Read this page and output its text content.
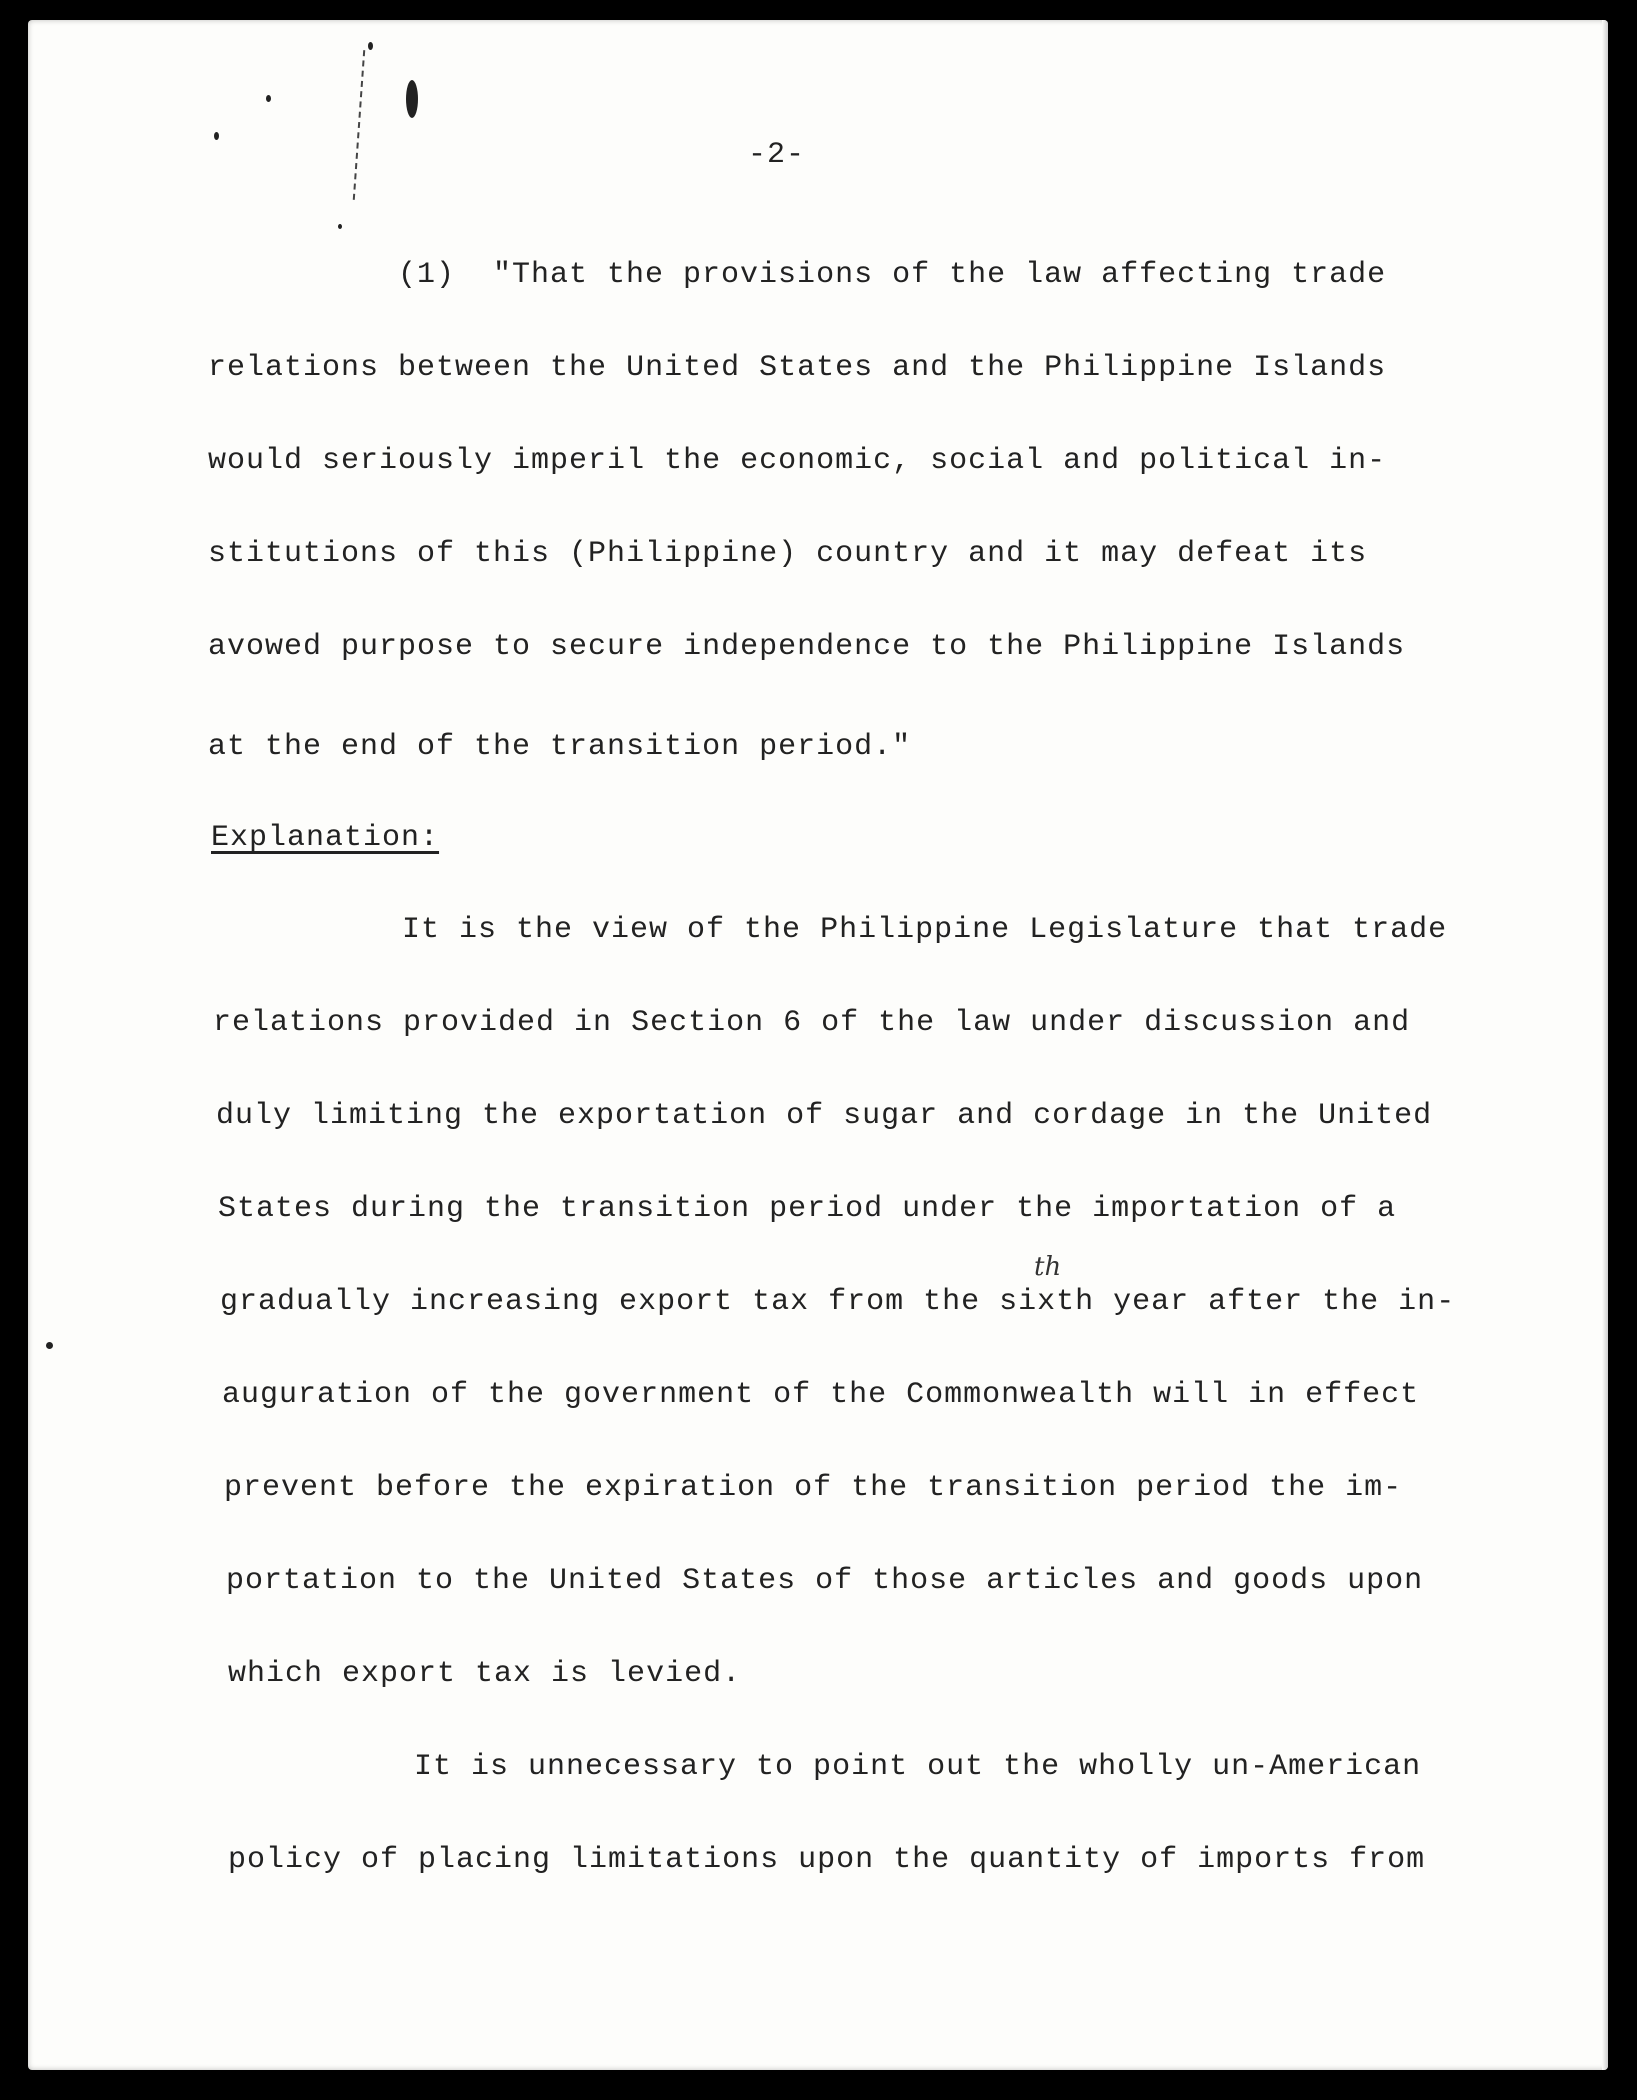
-2-
(1)  "That the provisions of the law affecting trade
relations between the United States and the Philippine Islands
would seriously imperil the economic, social and political in-
stitutions of this (Philippine) country and it may defeat its
avowed purpose to secure independence to the Philippine Islands
at the end of the transition period."
Explanation:
It is the view of the Philippine Legislature that trade
relations provided in Section 6 of the law under discussion and
duly limiting the exportation of sugar and cordage in the United
States during the transition period under the importation of a
gradually increasing export tax from the sixth year after the in-
th
auguration of the government of the Commonwealth will in effect
prevent before the expiration of the transition period the im-
portation to the United States of those articles and goods upon
which export tax is levied.
It is unnecessary to point out the wholly un-American
policy of placing limitations upon the quantity of imports from
